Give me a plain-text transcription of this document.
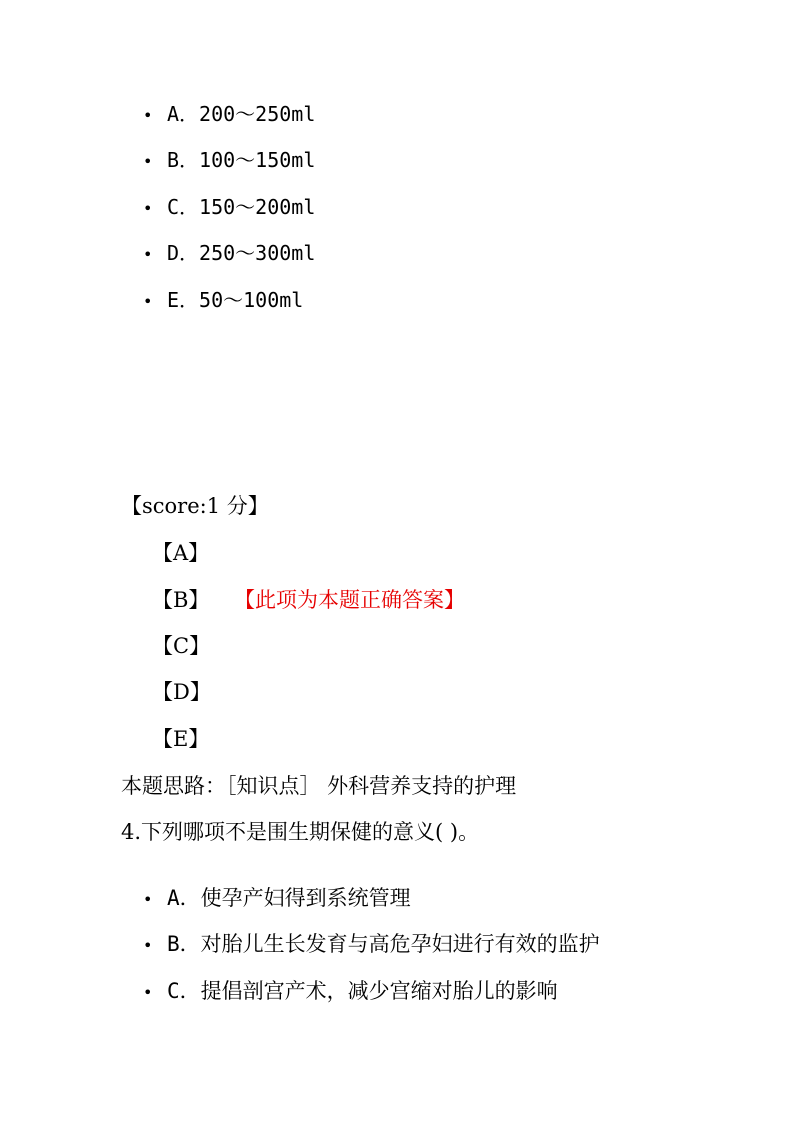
• A．200～250ml
• B．100～150ml
• C．150～200ml
• D．250～300ml
• E．50～100ml
【score:1 分】
【A】
【B】 【此项为本题正确答案】
【C】
【D】
【E】
本题思路：［知识点］ 外科营养支持的护理
4.下列哪项不是围生期保健的意义( )。
• A．使孕产妇得到系统管理
• B．对胎儿生长发育与高危孕妇进行有效的监护
• C．提倡剖宫产术，减少宫缩对胎儿的影响
